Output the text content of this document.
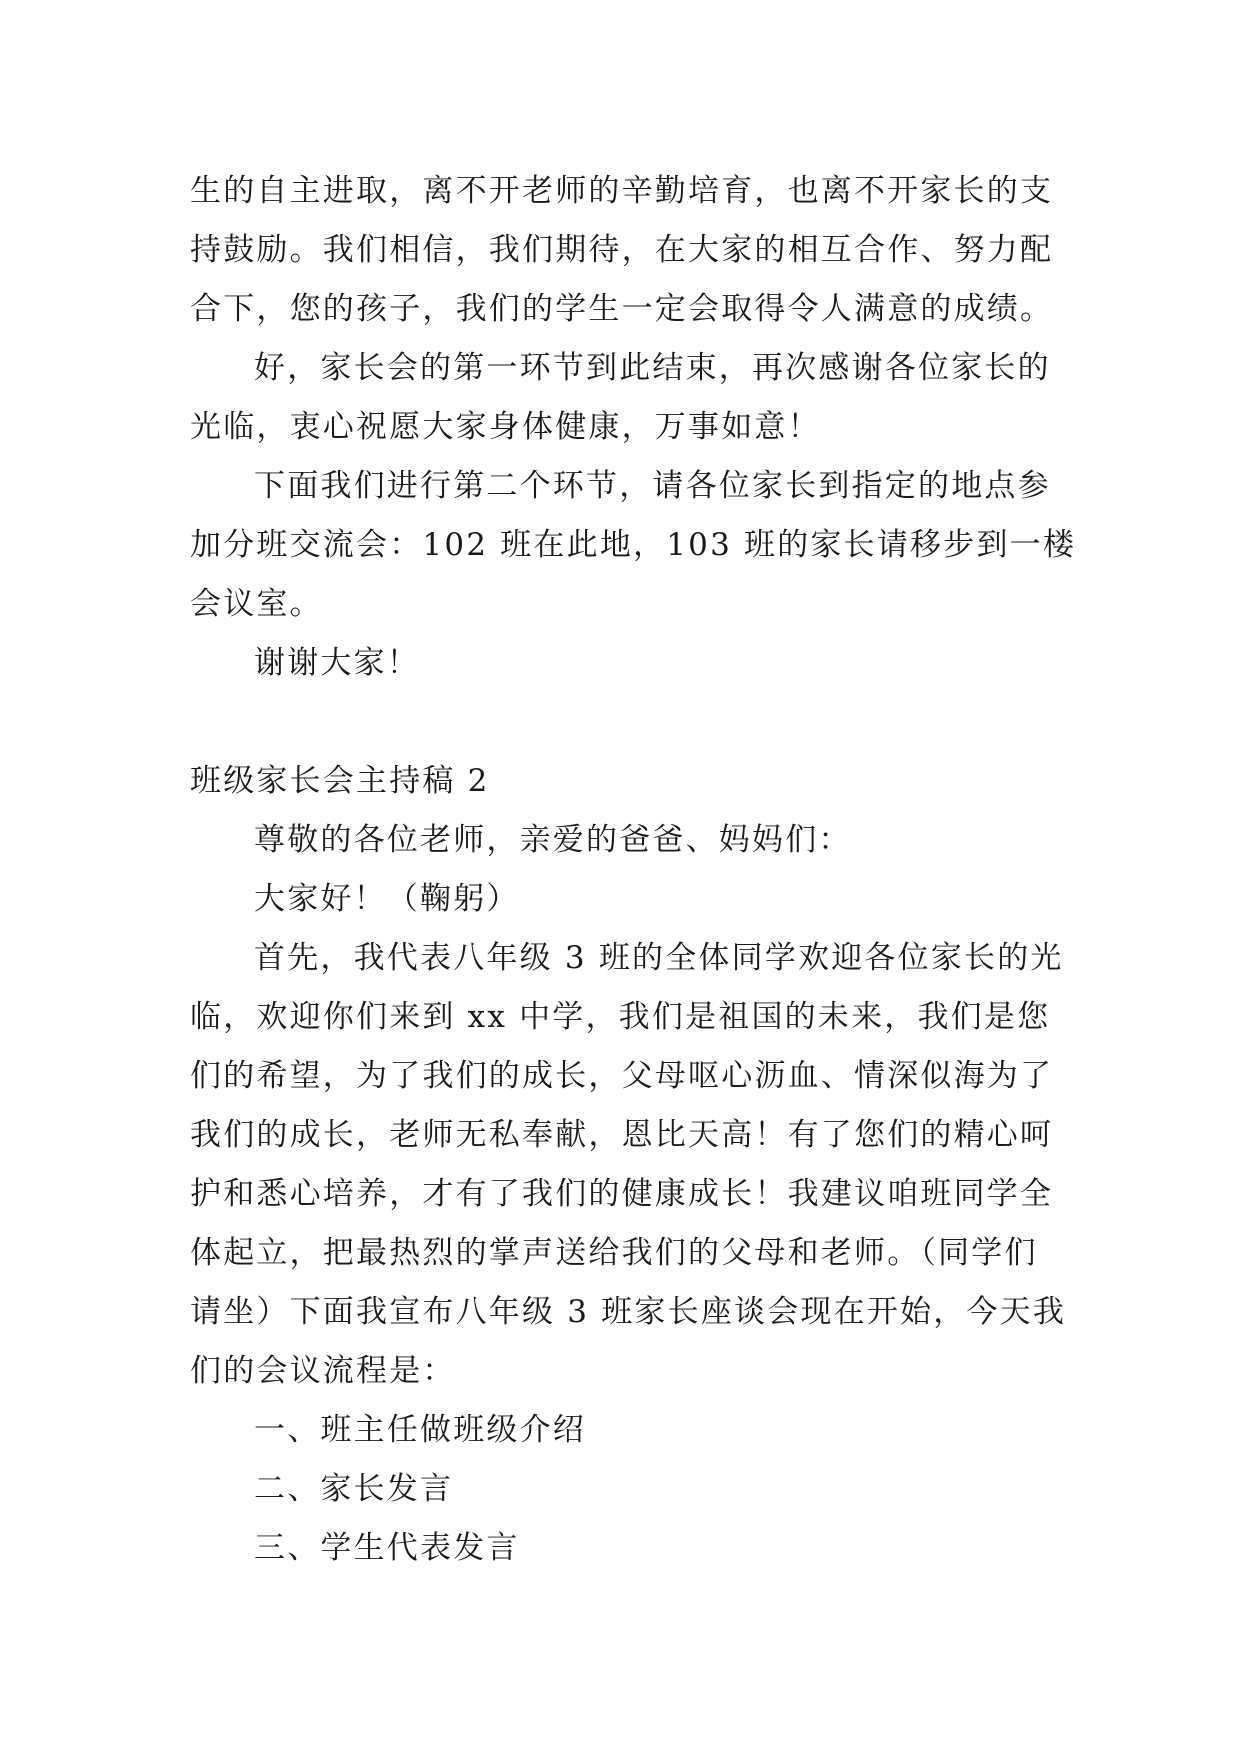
生的自主进取，离不开老师的辛勤培育，也离不开家长的支
持鼓励。我们相信，我们期待，在大家的相互合作、努力配
合下，您的孩子，我们的学生一定会取得令人满意的成绩。
好，家长会的第一环节到此结束，再次感谢各位家长的
光临，衷心祝愿大家身体健康，万事如意！
下面我们进行第二个环节，请各位家长到指定的地点参
加分班交流会：102 班在此地，103 班的家长请移步到一楼
会议室。
谢谢大家！
班级家长会主持稿 2
尊敬的各位老师，亲爱的爸爸、妈妈们：
大家好！（鞠躬）
首先，我代表八年级 3 班的全体同学欢迎各位家长的光
临，欢迎你们来到 xx 中学，我们是祖国的未来，我们是您
们的希望，为了我们的成长，父母呕心沥血、情深似海为了
我们的成长，老师无私奉献，恩比天高！有了您们的精心呵
护和悉心培养，才有了我们的健康成长！我建议咱班同学全
体起立，把最热烈的掌声送给我们的父母和老师。（同学们
请坐）下面我宣布八年级 3 班家长座谈会现在开始，今天我
们的会议流程是：
一、班主任做班级介绍
二、家长发言
三、学生代表发言
